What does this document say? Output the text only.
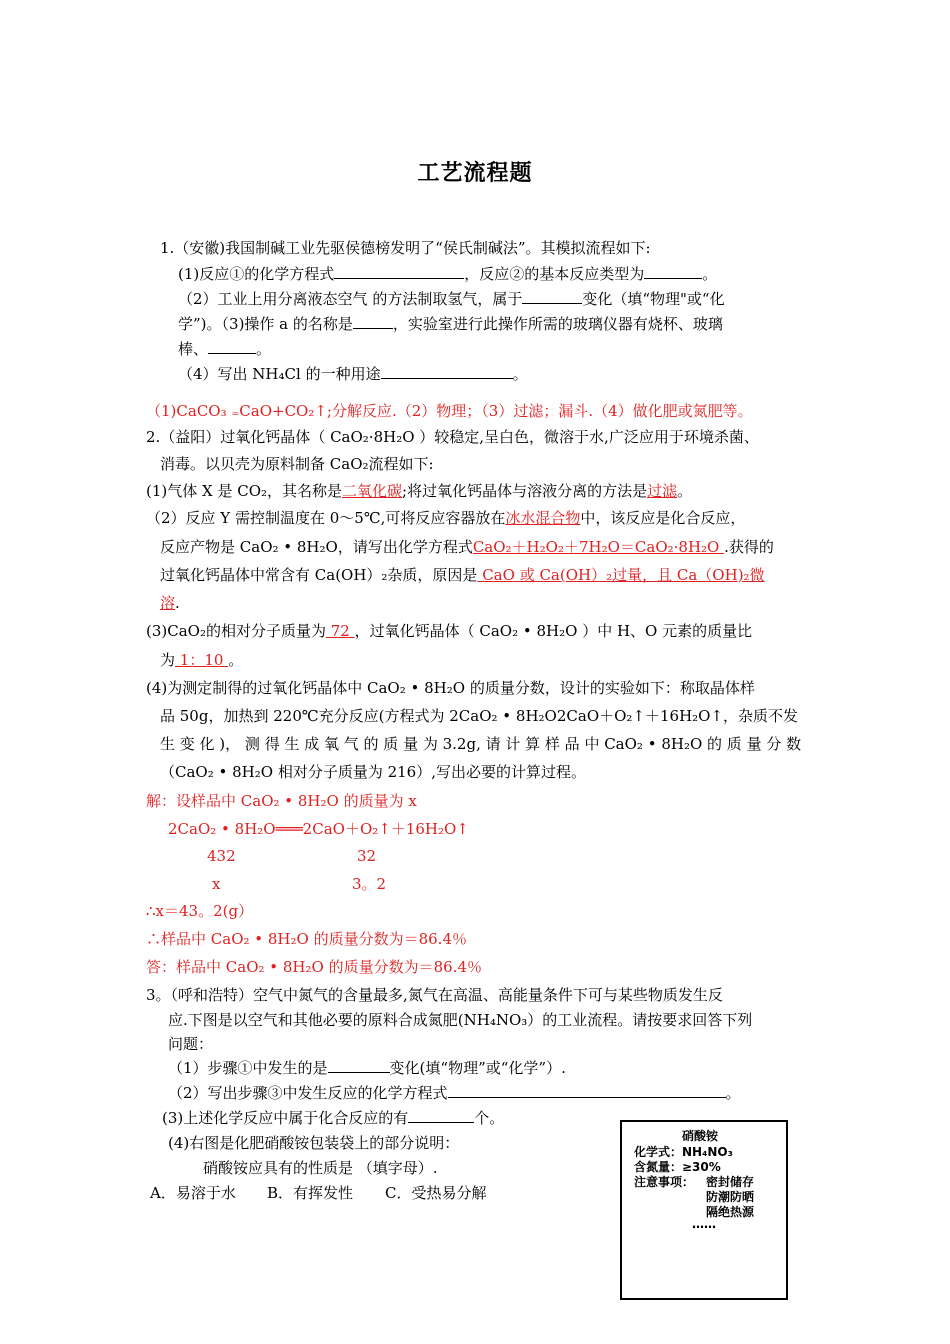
工艺流程题
1.（安徽)我国制碱工业先驱侯德榜发明了“侯氏制碱法”。其模拟流程如下:
(1)反应①的化学方程式	，反应②的基本反应类型为	。
（2）工业上用分离液态空气 的方法制取氢气，属于	变化（填“物理"或“化
学”)。（3)操作 a 的名称是	，实验室进行此操作所需的玻璃仪器有烧杯、玻璃
棒、	。
（4）写出 NH₄Cl 的一种用途	。
（1)CaCO₃ ₌CaO+CO₂↑;分解反应.（2）物理；（3）过滤；漏斗.（4）做化肥或氮肥等。
2.（益阳）过氧化钙晶体（ CaO₂·8H₂O ）较稳定,呈白色，微溶于水,广泛应用于环境杀菌、
消毒。以贝壳为原料制备 CaO₂流程如下:
(1)气体 X 是 CO₂，其名称是二氧化碳;将过氧化钙晶体与溶液分离的方法是过滤。
（2）反应 Y 需控制温度在 0～5℃,可将反应容器放在冰水混合物中，该反应是化合反应，
反应产物是 CaO₂ • 8H₂O，请写出化学方程式CaO₂＋H₂O₂＋7H₂O＝CaO₂·8H₂O .获得的
过氧化钙晶体中常含有 Ca(OH）₂杂质，原因是 CaO 或 Ca(OH）₂过量，且 Ca（OH)₂微
溶.
(3)CaO₂的相对分子质量为 72 ，过氧化钙晶体（ CaO₂ • 8H₂O ）中 H、O 元素的质量比
为 1：10 。
(4)为测定制得的过氧化钙晶体中 CaO₂ • 8H₂O 的质量分数，设计的实验如下：称取晶体样
品 50g，加热到 220℃充分反应(方程式为 2CaO₂ • 8H₂O2CaO＋O₂↑＋16H₂O↑，杂质不发
生 变 化 )， 测 得 生 成 氧 气 的 质 量 为 3.2g, 请 计 算 样 品 中 CaO₂ • 8H₂O 的 质 量 分 数
（CaO₂ • 8H₂O 相对分子质量为 216）,写出必要的计算过程。
解：设样品中 CaO₂ • 8H₂O 的质量为 x
2CaO₂ • 8H₂O═══2CaO＋O₂↑＋16H₂O↑
432	32
x	3。2
∴x＝43。2(g）
∴样品中 CaO₂ • 8H₂O 的质量分数为＝86.4％
答：样品中 CaO₂ • 8H₂O 的质量分数为＝86.4％
3。（呼和浩特）空气中氮气的含量最多,氮气在高温、高能量条件下可与某些物质发生反
应.下图是以空气和其他必要的原料合成氮肥(NH₄NO₃）的工业流程。请按要求回答下列
问题：
（1）步骤①中发生的是	变化(填“物理”或“化学”）.
（2）写出步骤③中发生反应的化学方程式	。
(3)上述化学反应中属于化合反应的有	个。
(4)右图是化肥硝酸铵包装袋上的部分说明：
硝酸铵应具有的性质是 （填字母）.
A．易溶于水 B．有挥发性 C．受热易分解
硝酸铵
化学式：NH₄NO₃
含氮量：≥30%
注意事项： 密封储存
防潮防晒
隔绝热源
……
